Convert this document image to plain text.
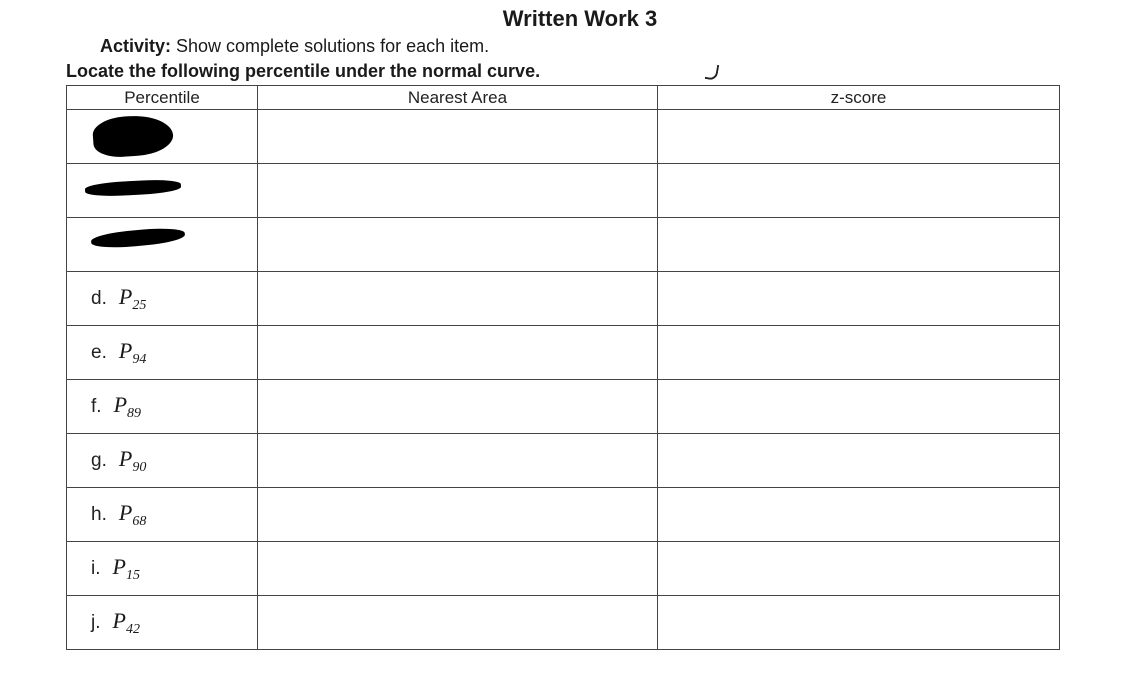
Written Work 3
Activity: Show complete solutions for each item.
Locate the following percentile under the normal curve.
Percentile	Nearest Area	z-score

d. $P_{25}$		
e. $P_{94}$		
f. $P_{89}$		
g. $P_{90}$		
h. $P_{68}$		
i. $P_{15}$		
j. $P_{42}$		
